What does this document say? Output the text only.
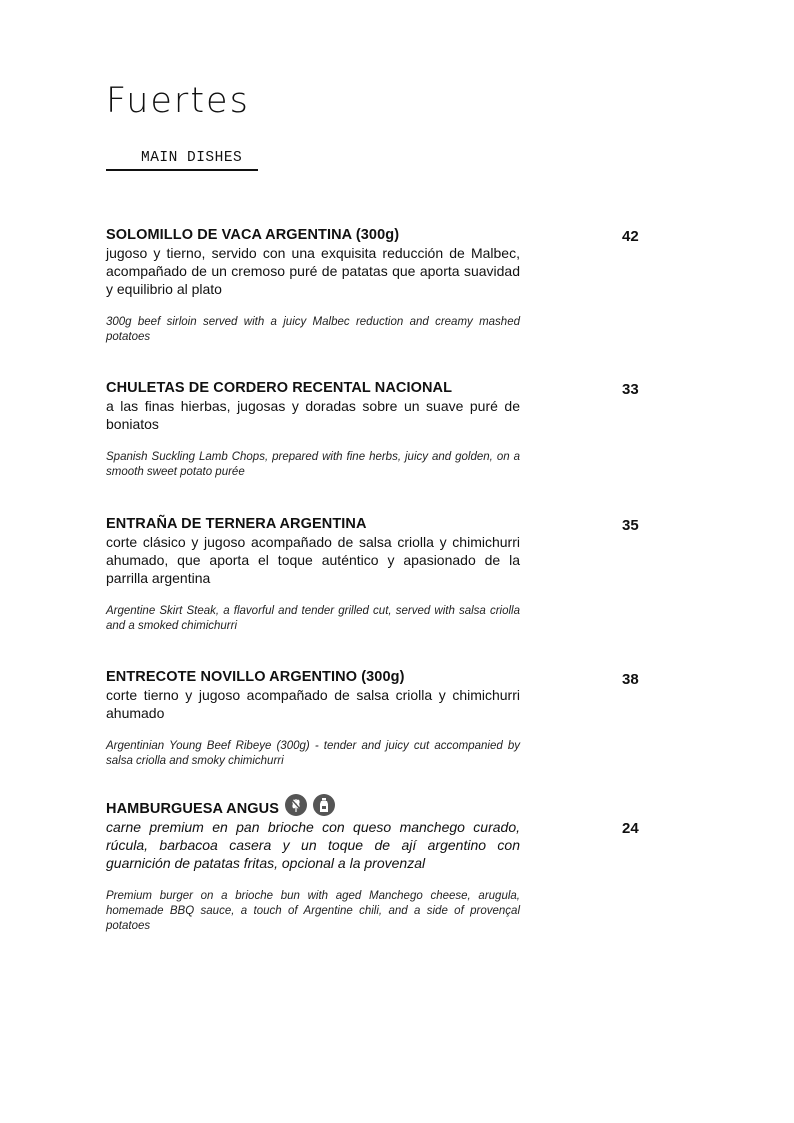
Fuertes
MAIN DISHES
SOLOMILLO DE VACA ARGENTINA (300g)
jugoso y tierno, servido con una exquisita reducción de Malbec, acompañado de un cremoso puré de patatas que aporta suavidad y equilibrio al plato
300g beef sirloin served with a juicy Malbec reduction and creamy mashed potatoes
42
CHULETAS DE CORDERO RECENTAL NACIONAL
a las finas hierbas, jugosas y doradas sobre un suave puré de boniatos
Spanish Suckling Lamb Chops, prepared with fine herbs, juicy and golden, on a smooth sweet potato purée
33
ENTRAÑA DE TERNERA ARGENTINA
corte clásico y jugoso acompañado de salsa criolla y chimichurri ahumado, que aporta el toque auténtico y apasionado de la parrilla argentina
Argentine Skirt Steak, a flavorful and tender grilled cut, served with salsa criolla and a smoked chimichurri
35
ENTRECOTE NOVILLO ARGENTINO (300g)
corte tierno y jugoso acompañado de salsa criolla y chimichurri ahumado
Argentinian Young Beef Ribeye (300g) - tender and juicy cut accompanied by salsa criolla and smoky chimichurri
38
HAMBURGUESA ANGUS
carne premium en pan brioche con queso manchego curado, rúcula, barbacoa casera y un toque de ají argentino con guarnición de patatas fritas, opcional a la provenzal
Premium burger on a brioche bun with aged Manchego cheese, arugula, homemade BBQ sauce, a touch of Argentine chili, and a side of provençal potatoes
24
